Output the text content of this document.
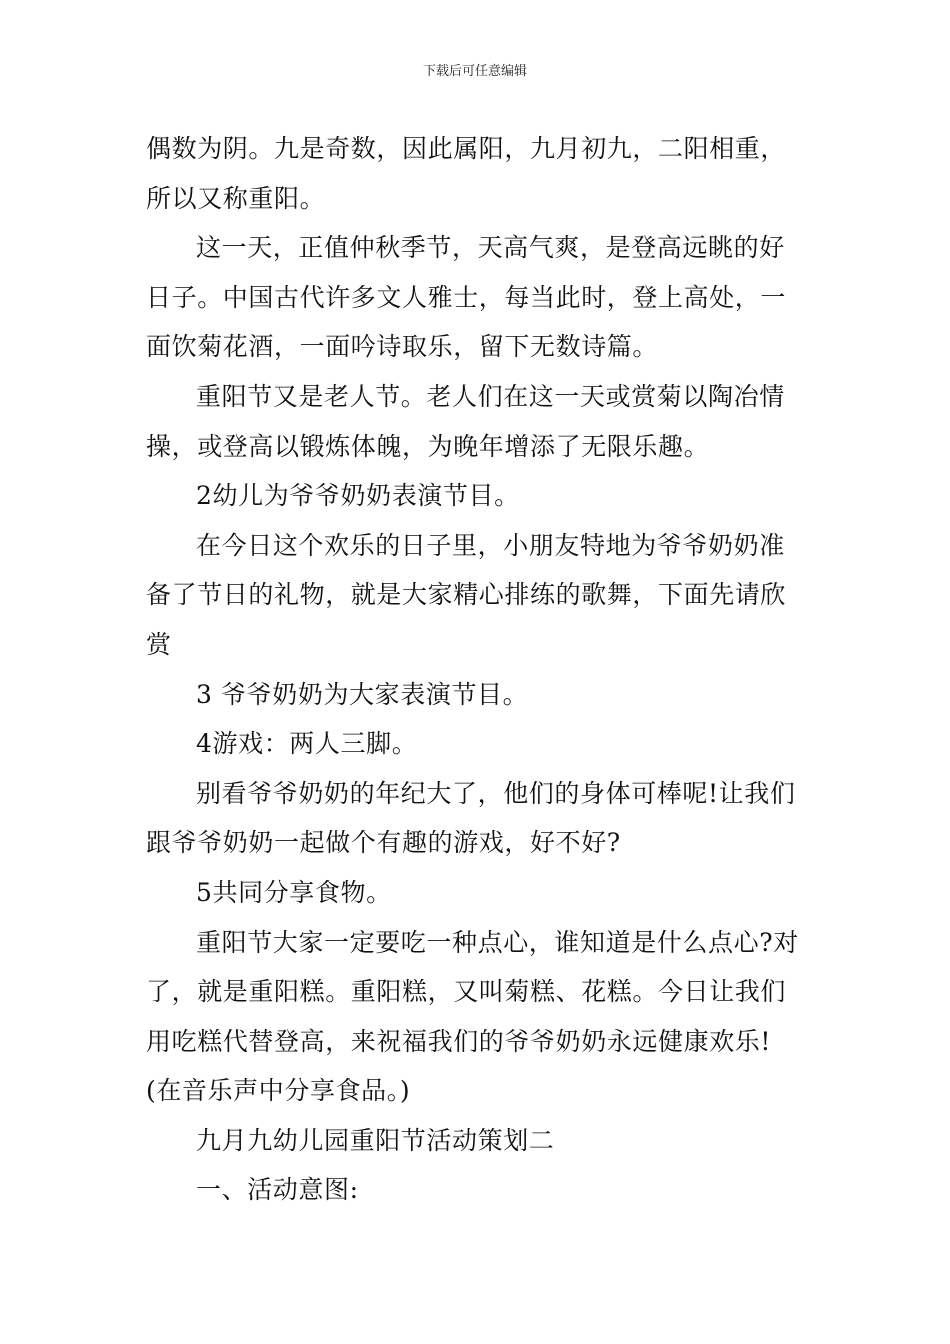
下载后可任意编辑
偶数为阴。九是奇数，因此属阳，九月初九，二阳相重，
所以又称重阳。
这一天，正值仲秋季节，天高气爽，是登高远眺的好
日子。中国古代许多文人雅士，每当此时，登上高处，一
面饮菊花酒，一面吟诗取乐，留下无数诗篇。
重阳节又是老人节。老人们在这一天或赏菊以陶冶情
操，或登高以锻炼体魄，为晚年增添了无限乐趣。
2幼儿为爷爷奶奶表演节目。
在今日这个欢乐的日子里，小朋友特地为爷爷奶奶准
备了节日的礼物，就是大家精心排练的歌舞，下面先请欣
赏
3 爷爷奶奶为大家表演节目。
4游戏：两人三脚。
别看爷爷奶奶的年纪大了，他们的身体可棒呢!让我们
跟爷爷奶奶一起做个有趣的游戏，好不好?
5共同分享食物。
重阳节大家一定要吃一种点心，谁知道是什么点心?对
了，就是重阳糕。重阳糕，又叫菊糕、花糕。今日让我们
用吃糕代替登高，来祝福我们的爷爷奶奶永远健康欢乐!
(在音乐声中分享食品。)
九月九幼儿园重阳节活动策划二
一、活动意图:
